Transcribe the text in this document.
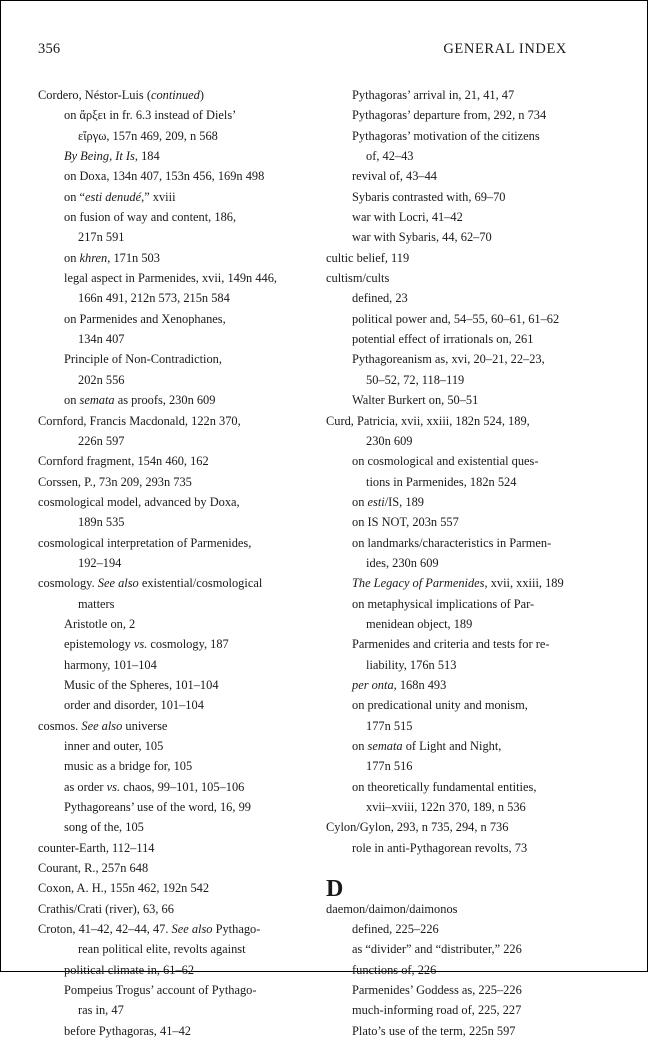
356	GENERAL INDEX
Cordero, Néstor-Luis (continued)
on ἄρξει in fr. 6.3 instead of Diels’
εἴργω, 157n 469, 209, n 568
By Being, It Is, 184
on Doxa, 134n 407, 153n 456, 169n 498
on “esti denudé,” xviii
on fusion of way and content, 186,
217n 591
on khren, 171n 503
legal aspect in Parmenides, xvii, 149n 446,
166n 491, 212n 573, 215n 584
on Parmenides and Xenophanes,
134n 407
Principle of Non-Contradiction,
202n 556
on semata as proofs, 230n 609
Cornford, Francis Macdonald, 122n 370,
226n 597
Cornford fragment, 154n 460, 162
Corssen, P., 73n 209, 293n 735
cosmological model, advanced by Doxa,
189n 535
cosmological interpretation of Parmenides,
192–194
cosmology. See also existential/cosmological
matters
Aristotle on, 2
epistemology vs. cosmology, 187
harmony, 101–104
Music of the Spheres, 101–104
order and disorder, 101–104
cosmos. See also universe
inner and outer, 105
music as a bridge for, 105
as order vs. chaos, 99–101, 105–106
Pythagoreans’ use of the word, 16, 99
song of the, 105
counter-Earth, 112–114
Courant, R., 257n 648
Coxon, A. H., 155n 462, 192n 542
Crathis/Crati (river), 63, 66
Croton, 41–42, 42–44, 47. See also Pythago-
rean political elite, revolts against
political climate in, 61–62
Pompeius Trogus’ account of Pythago-
ras in, 47
before Pythagoras, 41–42
Pythagoras’ arrival in, 21, 41, 47
Pythagoras’ departure from, 292, n 734
Pythagoras’ motivation of the citizens
of, 42–43
revival of, 43–44
Sybaris contrasted with, 69–70
war with Locri, 41–42
war with Sybaris, 44, 62–70
cultic belief, 119
cultism/cults
defined, 23
political power and, 54–55, 60–61, 61–62
potential effect of irrationals on, 261
Pythagoreanism as, xvi, 20–21, 22–23,
50–52, 72, 118–119
Walter Burkert on, 50–51
Curd, Patricia, xvii, xxiii, 182n 524, 189,
230n 609
on cosmological and existential ques-
tions in Parmenides, 182n 524
on esti/IS, 189
on IS NOT, 203n 557
on landmarks/characteristics in Parmen-
ides, 230n 609
The Legacy of Parmenides, xvii, xxiii, 189
on metaphysical implications of Par-
menidean object, 189
Parmenides and criteria and tests for re-
liability, 176n 513
per onta, 168n 493
on predicational unity and monism,
177n 515
on semata of Light and Night,
177n 516
on theoretically fundamental entities,
xvii–xviii, 122n 370, 189, n 536
Cylon/Gylon, 293, n 735, 294, n 736
role in anti-Pythagorean revolts, 73
D
daemon/daimon/daimonos
defined, 225–226
as “divider” and “distributer,” 226
functions of, 226
Parmenides’ Goddess as, 225–226
much-informing road of, 225, 227
Plato’s use of the term, 225n 597
